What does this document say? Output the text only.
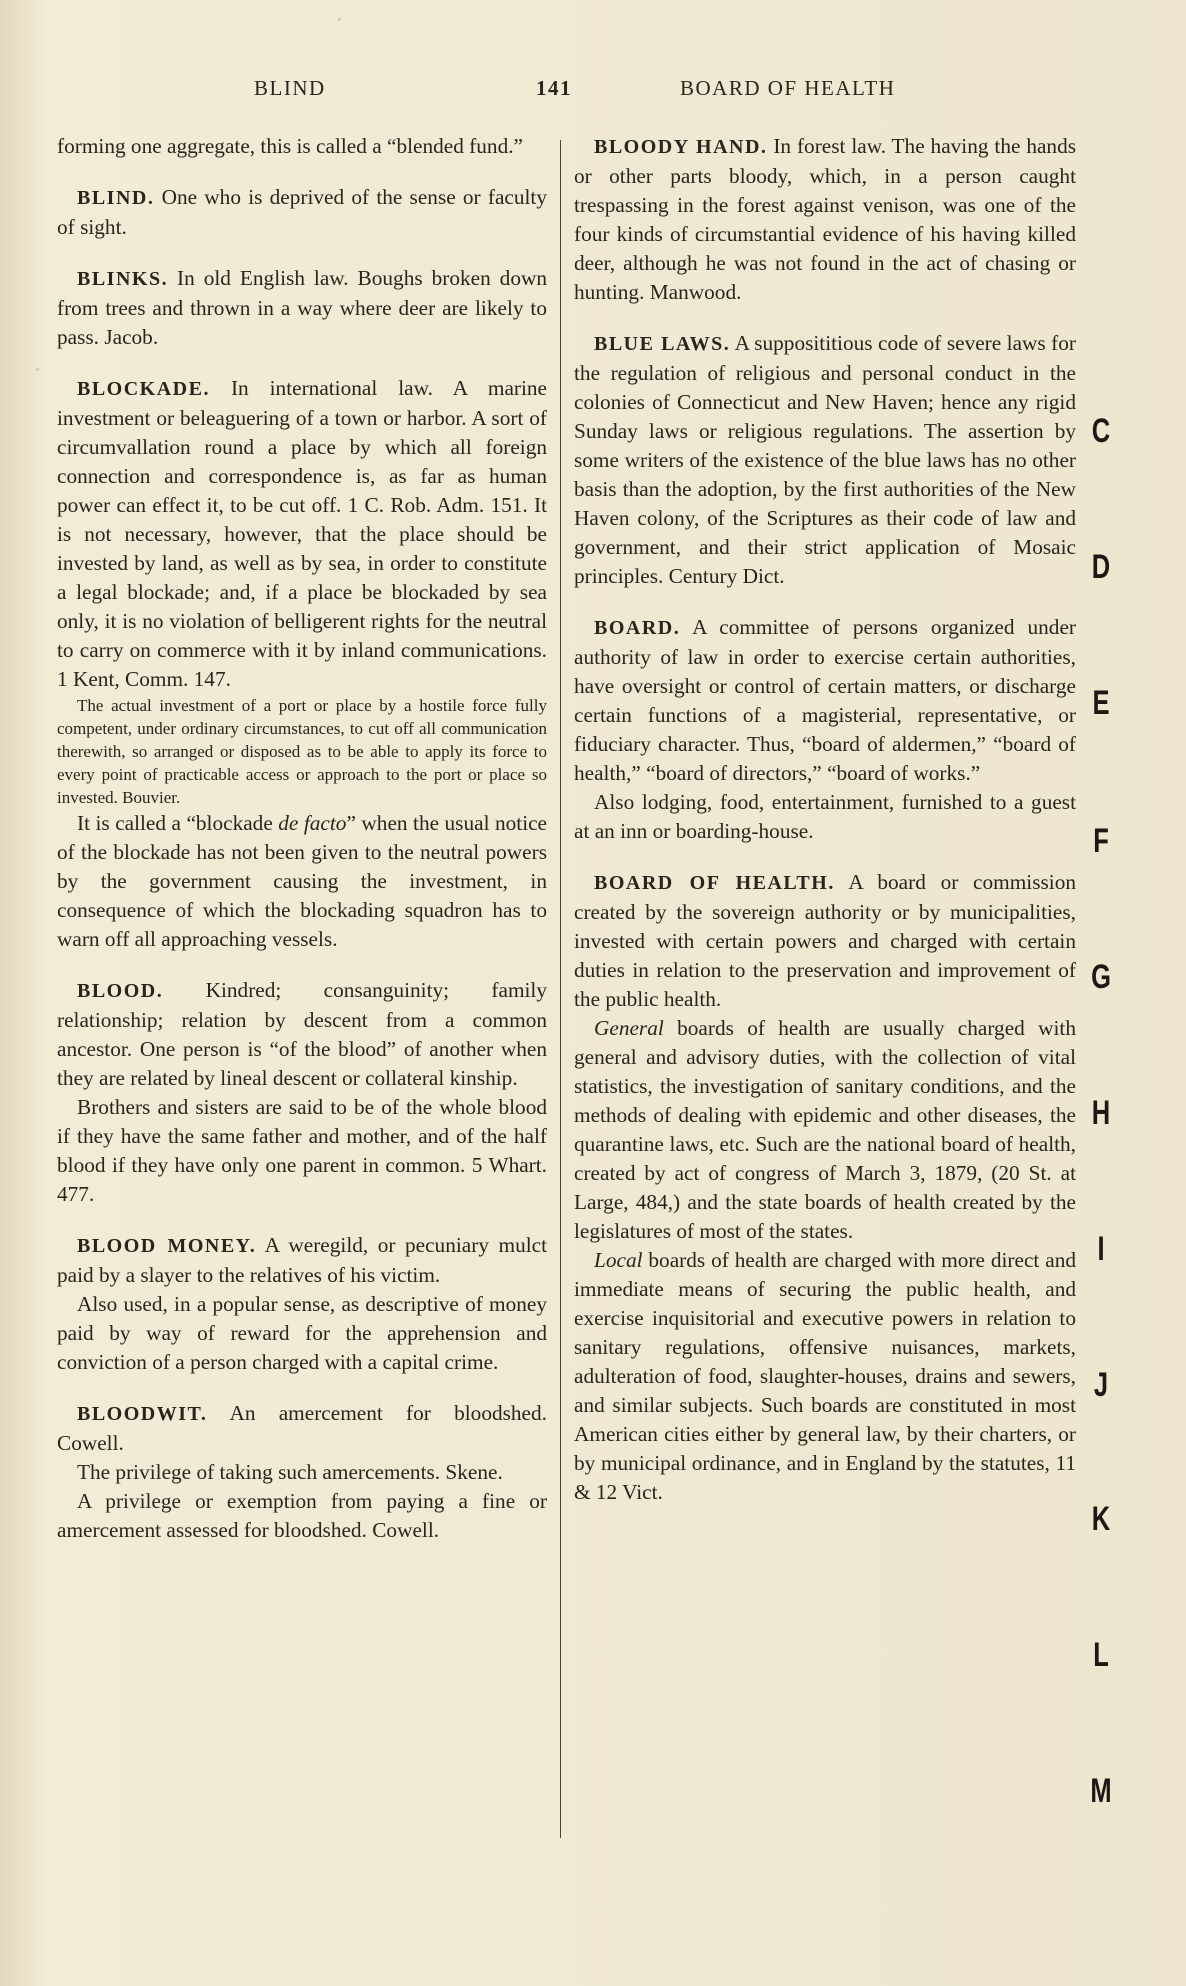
BLIND	141	BOARD OF HEALTH

forming one aggregate, this is called a “blended fund.”

BLIND. One who is deprived of the sense or faculty of sight.

BLINKS. In old English law. Boughs broken down from trees and thrown in a way where deer are likely to pass. Jacob.

BLOCKADE. In international law. A marine investment or beleaguering of a town or harbor. A sort of circumvallation round a place by which all foreign connection and correspondence is, as far as human power can effect it, to be cut off. 1 C. Rob. Adm. 151. It is not necessary, however, that the place should be invested by land, as well as by sea, in order to constitute a legal blockade; and, if a place be blockaded by sea only, it is no violation of belligerent rights for the neutral to carry on commerce with it by inland communications. 1 Kent, Comm. 147.

The actual investment of a port or place by a hostile force fully competent, under ordinary circumstances, to cut off all communication therewith, so arranged or disposed as to be able to apply its force to every point of practicable access or approach to the port or place so invested. Bouvier.

It is called a “blockade de facto” when the usual notice of the blockade has not been given to the neutral powers by the government causing the investment, in consequence of which the blockading squadron has to warn off all approaching vessels.

BLOOD. Kindred; consanguinity; family relationship; relation by descent from a common ancestor. One person is “of the blood” of another when they are related by lineal descent or collateral kinship.

Brothers and sisters are said to be of the whole blood if they have the same father and mother, and of the half blood if they have only one parent in common. 5 Whart. 477.

BLOOD MONEY. A weregild, or pecuniary mulct paid by a slayer to the relatives of his victim.

Also used, in a popular sense, as descriptive of money paid by way of reward for the apprehension and conviction of a person charged with a capital crime.

BLOODWIT. An amercement for bloodshed. Cowell.

The privilege of taking such amercements. Skene.

A privilege or exemption from paying a fine or amercement assessed for bloodshed. Cowell.

BLOODY HAND. In forest law. The having the hands or other parts bloody, which, in a person caught trespassing in the forest against venison, was one of the four kinds of circumstantial evidence of his having killed deer, although he was not found in the act of chasing or hunting. Manwood.

BLUE LAWS. A supposititious code of severe laws for the regulation of religious and personal conduct in the colonies of Connecticut and New Haven; hence any rigid Sunday laws or religious regulations. The assertion by some writers of the existence of the blue laws has no other basis than the adoption, by the first authorities of the New Haven colony, of the Scriptures as their code of law and government, and their strict application of Mosaic principles. Century Dict.

BOARD. A committee of persons organized under authority of law in order to exercise certain authorities, have oversight or control of certain matters, or discharge certain functions of a magisterial, representative, or fiduciary character. Thus, “board of aldermen,” “board of health,” “board of directors,” “board of works.”

Also lodging, food, entertainment, furnished to a guest at an inn or boarding-house.

BOARD OF HEALTH. A board or commission created by the sovereign authority or by municipalities, invested with certain powers and charged with certain duties in relation to the preservation and improvement of the public health.

General boards of health are usually charged with general and advisory duties, with the collection of vital statistics, the investigation of sanitary conditions, and the methods of dealing with epidemic and other diseases, the quarantine laws, etc. Such are the national board of health, created by act of congress of March 3, 1879, (20 St. at Large, 484,) and the state boards of health created by the legislatures of most of the states.

Local boards of health are charged with more direct and immediate means of securing the public health, and exercise inquisitorial and executive powers in relation to sanitary regulations, offensive nuisances, markets, adulteration of food, slaughter-houses, drains and sewers, and similar subjects. Such boards are constituted in most American cities either by general law, by their charters, or by municipal ordinance, and in England by the statutes, 11 & 12 Vict.

C
D
E
F
G
H
I
J
K
L
M
